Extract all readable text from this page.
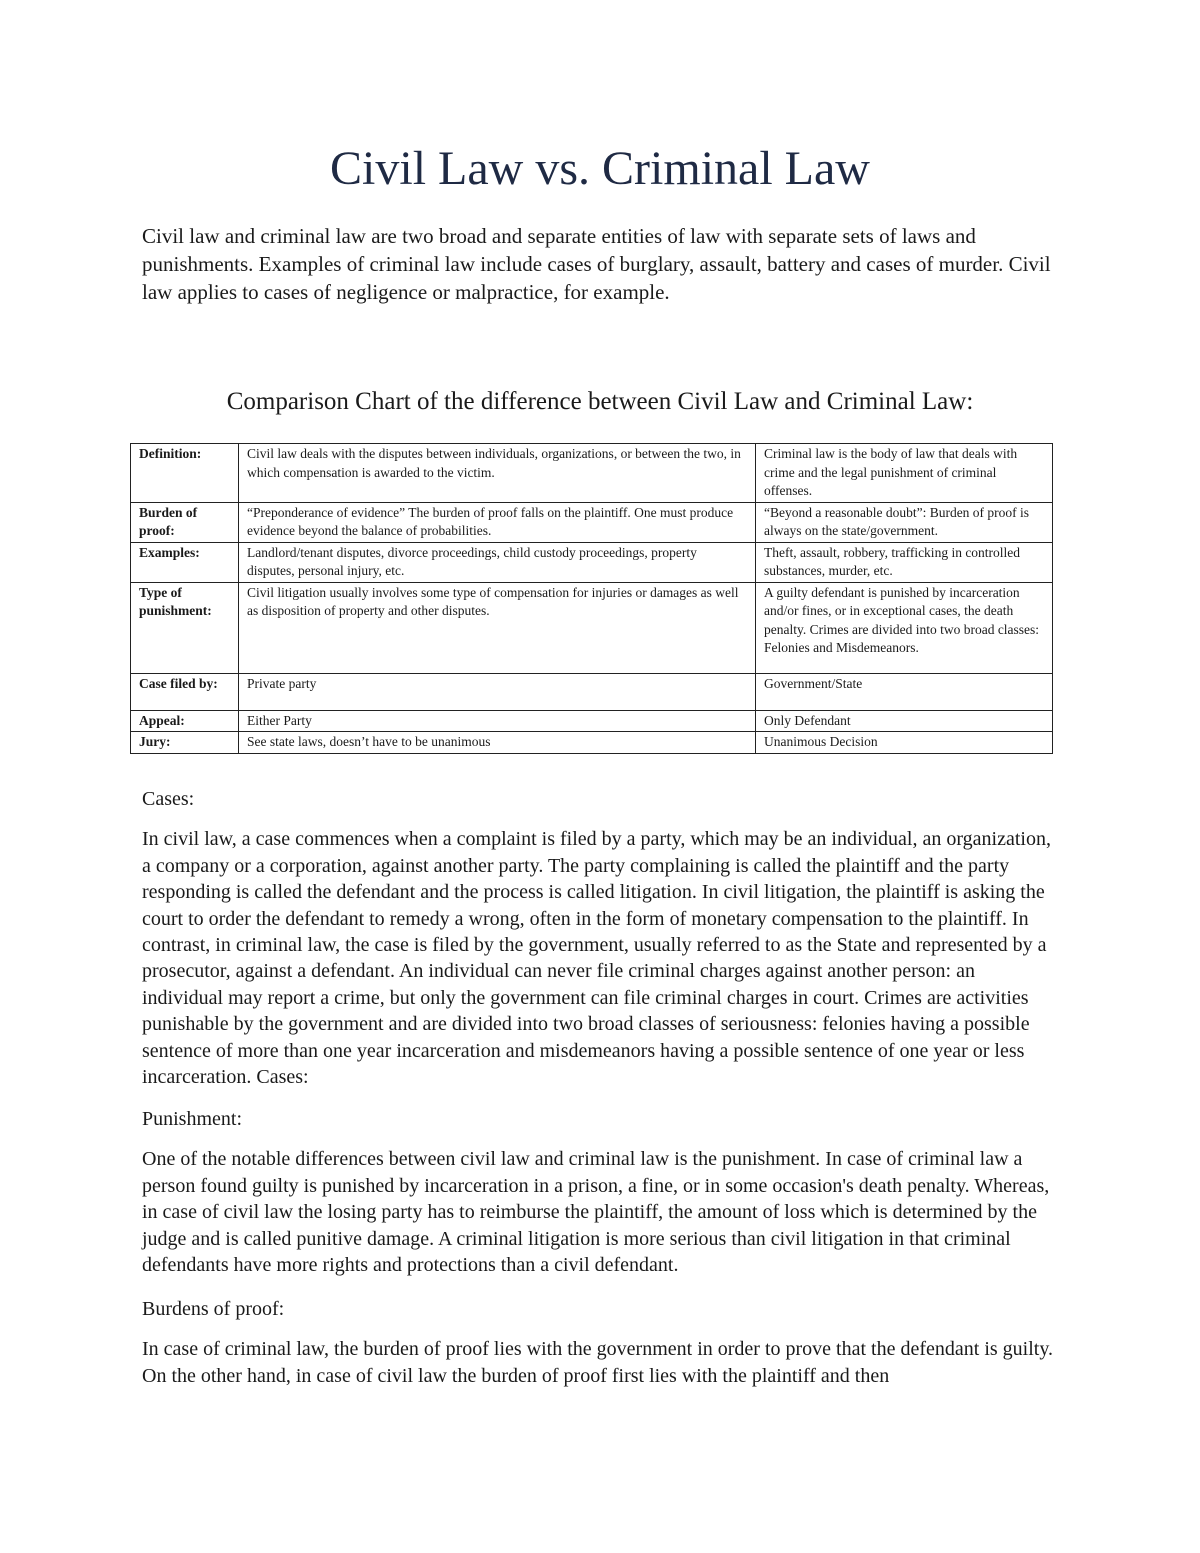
Civil Law vs. Criminal Law

Civil law and criminal law are two broad and separate entities of law with separate sets of laws and punishments. Examples of criminal law include cases of burglary, assault, battery and cases of murder. Civil law applies to cases of negligence or malpractice, for example.

Comparison Chart of the difference between Civil Law and Criminal Law:
Definition:	Civil law deals with the disputes between individuals, organizations, or between the two, in which compensation is awarded to the victim.	Criminal law is the body of law that deals with crime and the legal punishment of criminal offenses.
Burden of proof:	“Preponderance of evidence” The burden of proof falls on the plaintiff. One must produce evidence beyond the balance of probabilities.	“Beyond a reasonable doubt”: Burden of proof is always on the state/government.
Examples:	Landlord/tenant disputes, divorce proceedings, child custody proceedings, property disputes, personal injury, etc.	Theft, assault, robbery, trafficking in controlled substances, murder, etc.
Type of punishment:	Civil litigation usually involves some type of compensation for injuries or damages as well as disposition of property and other disputes.	A guilty defendant is punished by incarceration and/or fines, or in exceptional cases, the death penalty. Crimes are divided into two broad classes: Felonies and Misdemeanors.
Case filed by:	Private party	Government/State
Appeal:	Either Party	Only Defendant
Jury:	See state laws, doesn’t have to be unanimous	Unanimous Decision

Cases:

In civil law, a case commences when a complaint is filed by a party, which may be an individual, an organization, a company or a corporation, against another party. The party complaining is called the plaintiff and the party responding is called the defendant and the process is called litigation. In civil litigation, the plaintiff is asking the court to order the defendant to remedy a wrong, often in the form of monetary compensation to the plaintiff. In contrast, in criminal law, the case is filed by the government, usually referred to as the State and represented by a prosecutor, against a defendant. An individual can never file criminal charges against another person: an individual may report a crime, but only the government can file criminal charges in court. Crimes are activities punishable by the government and are divided into two broad classes of seriousness: felonies having a possible sentence of more than one year incarceration and misdemeanors having a possible sentence of one year or less incarceration. Cases:

Punishment:

One of the notable differences between civil law and criminal law is the punishment. In case of criminal law a person found guilty is punished by incarceration in a prison, a fine, or in some occasion's death penalty. Whereas, in case of civil law the losing party has to reimburse the plaintiff, the amount of loss which is determined by the judge and is called punitive damage. A criminal litigation is more serious than civil litigation in that criminal defendants have more rights and protections than a civil defendant.

Burdens of proof:

In case of criminal law, the burden of proof lies with the government in order to prove that the defendant is guilty. On the other hand, in case of civil law the burden of proof first lies with the plaintiff and then
